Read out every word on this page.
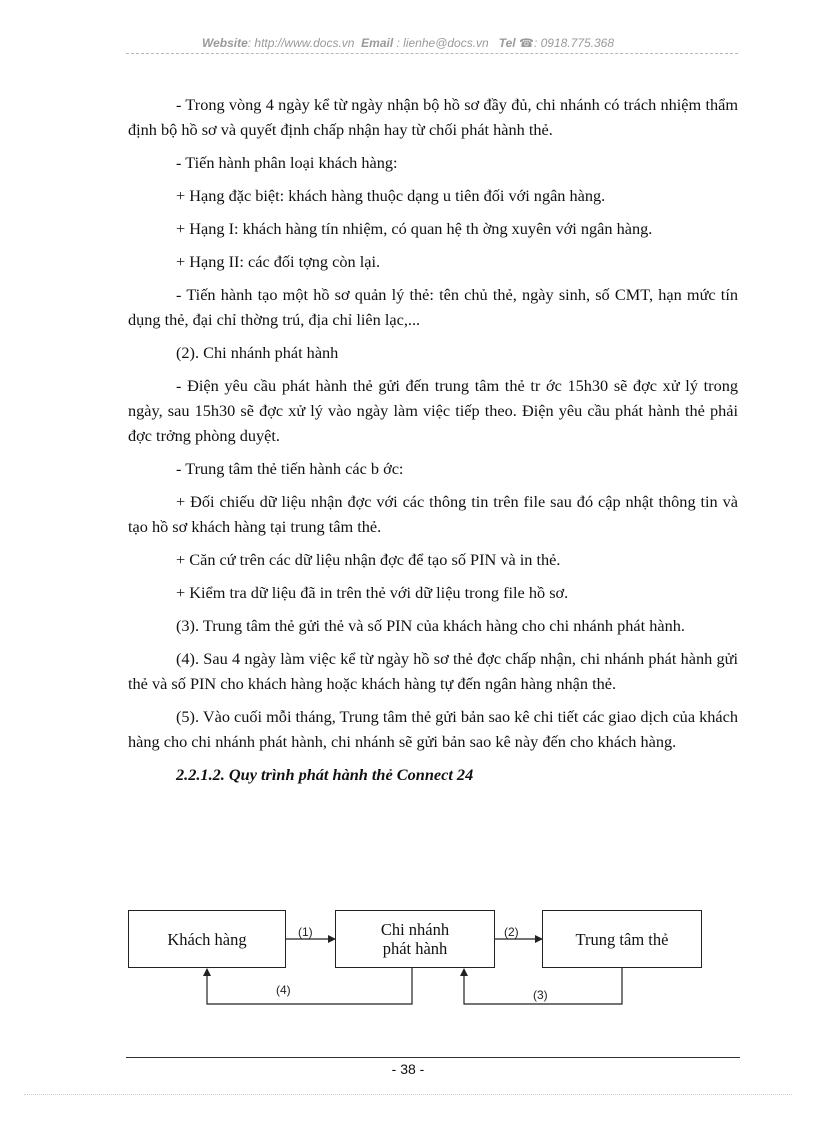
Website: http://www.docs.vn Email : lienhe@docs.vn Tel ☎: 0918.775.368

- Trong vòng 4 ngày kể từ ngày nhận bộ hồ sơ đầy đủ, chi nhánh có trách nhiệm thẩm định bộ hồ sơ và quyết định chấp nhận hay từ chối phát hành thẻ.

- Tiến hành phân loại khách hàng:

+ Hạng đặc biệt: khách hàng thuộc dạng u tiên đối với ngân hàng.

+ Hạng I: khách hàng tín nhiệm, có quan hệ th ờng xuyên với ngân hàng.

+ Hạng II: các đối tợng còn lại.

- Tiến hành tạo một hồ sơ quản lý thẻ: tên chủ thẻ, ngày sinh, số CMT, hạn mức tín dụng thẻ, đại chỉ thờng trú, địa chỉ liên lạc,...

(2). Chi nhánh phát hành

- Điện yêu cầu phát hành thẻ gửi đến trung tâm thẻ tr ớc 15h30 sẽ đợc xử lý trong ngày, sau 15h30 sẽ đợc xử lý vào ngày làm việc tiếp theo. Điện yêu cầu phát hành thẻ phải đợc trởng phòng duyệt.

- Trung tâm thẻ tiến hành các b ớc:

+ Đối chiếu dữ liệu nhận đợc với các thông tin trên file sau đó cập nhật thông tin và tạo hồ sơ khách hàng tại trung tâm thẻ.

+ Căn cứ trên các dữ liệu nhận đợc để tạo số PIN và in thẻ.

+ Kiểm tra dữ liệu đã in trên thẻ với dữ liệu trong file hồ sơ.

(3). Trung tâm thẻ gửi thẻ và số PIN của khách hàng cho chi nhánh phát hành.

(4). Sau 4 ngày làm việc kể từ ngày hồ sơ thẻ đợc chấp nhận, chi nhánh phát hành gửi thẻ và số PIN cho khách hàng hoặc khách hàng tự đến ngân hàng nhận thẻ.

(5). Vào cuối mỗi tháng, Trung tâm thẻ gửi bản sao kê chi tiết các giao dịch của khách hàng cho chi nhánh phát hành, chi nhánh sẽ gửi bản sao kê này đến cho khách hàng.

2.2.1.2. Quy trình phát hành thẻ Connect 24

Khách hàng	Chi nhánh
phát hành	Trung tâm thẻ
(1)	(2)
(4)	(3)
- 38 -
